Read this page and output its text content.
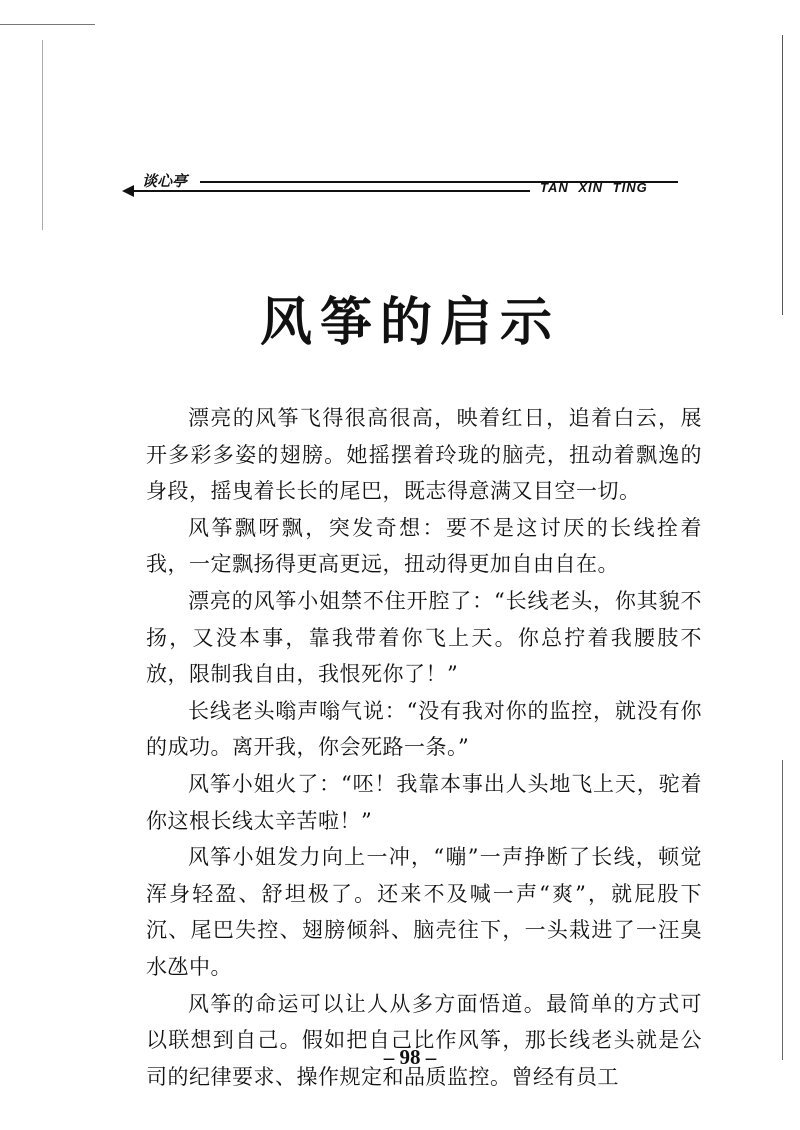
谈心亭	TAN XIN TING
风筝的启示

漂亮的风筝飞得很高很高，映着红日，追着白云，展开多彩多姿的翅膀。她摇摆着玲珑的脑壳，扭动着飘逸的身段，摇曳着长长的尾巴，既志得意满又目空一切。

风筝飘呀飘，突发奇想：要不是这讨厌的长线拴着我，一定飘扬得更高更远，扭动得更加自由自在。

漂亮的风筝小姐禁不住开腔了：“长线老头，你其貌不扬，又没本事，靠我带着你飞上天。你总拧着我腰肢不放，限制我自由，我恨死你了！”

长线老头嗡声嗡气说：“没有我对你的监控，就没有你的成功。离开我，你会死路一条。”

风筝小姐火了：“呸！我靠本事出人头地飞上天，驼着你这根长线太辛苦啦！”

风筝小姐发力向上一冲，“嘣”一声挣断了长线，顿觉浑身轻盈、舒坦极了。还来不及喊一声“爽”，就屁股下沉、尾巴失控、翅膀倾斜、脑壳往下，一头栽进了一汪臭水氹中。

风筝的命运可以让人从多方面悟道。最简单的方式可以联想到自己。假如把自己比作风筝，那长线老头就是公司的纪律要求、操作规定和品质监控。曾经有员工

– 98 –
